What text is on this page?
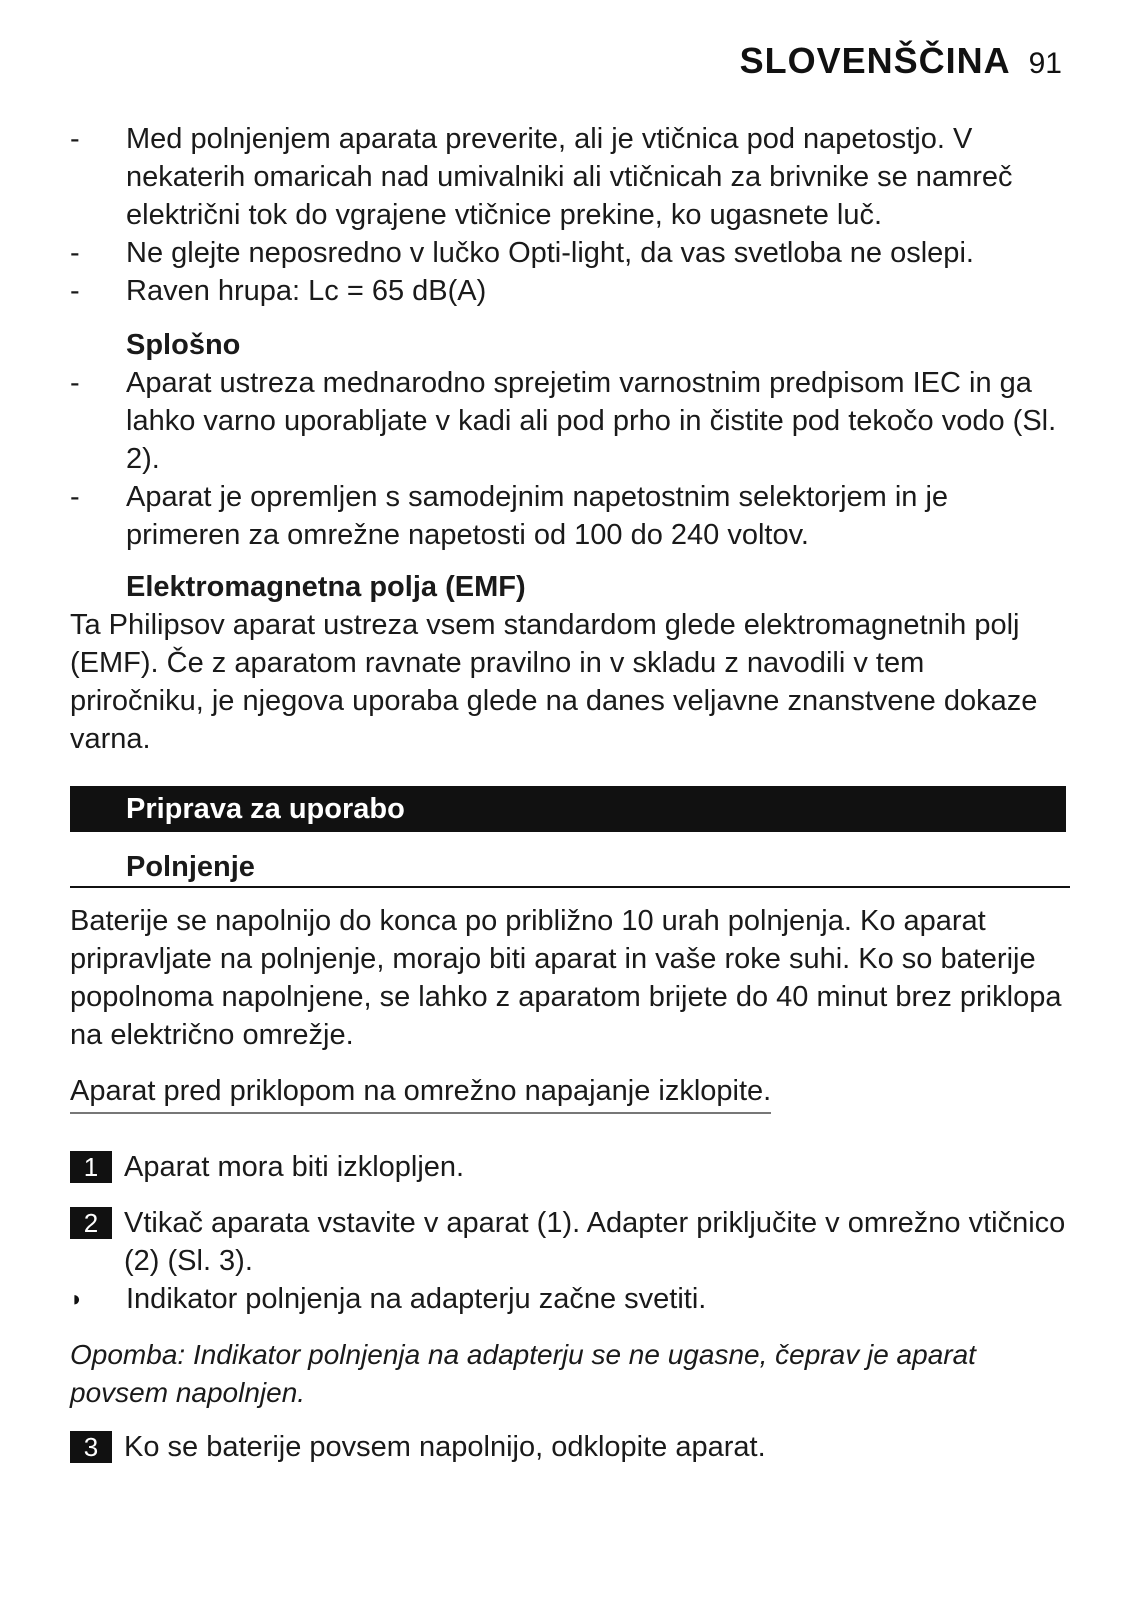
SLOVENŠČINA 91
-	Med polnjenjem aparata preverite, ali je vtičnica pod napetostjo. V nekaterih omaricah nad umivalniki ali vtičnicah za brivnike se namreč električni tok do vgrajene vtičnice prekine, ko ugasnete luč.
-	Ne glejte neposredno v lučko Opti-light, da vas svetloba ne oslepi.
-	Raven hrupa: Lc = 65 dB(A)
Splošno
-	Aparat ustreza mednarodno sprejetim varnostnim predpisom IEC in ga lahko varno uporabljate v kadi ali pod prho in čistite pod tekočo vodo (Sl. 2).
-	Aparat je opremljen s samodejnim napetostnim selektorjem in je primeren za omrežne napetosti od 100 do 240 voltov.
Elektromagnetna polja (EMF)
Ta Philipsov aparat ustreza vsem standardom glede elektromagnetnih polj (EMF). Če z aparatom ravnate pravilno in v skladu z navodili v tem priročniku, je njegova uporaba glede na danes veljavne znanstvene dokaze varna.
Priprava za uporabo
Polnjenje
Baterije se napolnijo do konca po približno 10 urah polnjenja. Ko aparat pripravljate na polnjenje, morajo biti aparat in vaše roke suhi. Ko so baterije popolnoma napolnjene, se lahko z aparatom brijete do 40 minut brez priklopa na električno omrežje.
Aparat pred priklopom na omrežno napajanje izklopite.
1 Aparat mora biti izklopljen.
2 Vtikač aparata vstavite v aparat (1). Adapter priključite v omrežno vtičnico (2) (Sl. 3).
◗	Indikator polnjenja na adapterju začne svetiti.
Opomba: Indikator polnjenja na adapterju se ne ugasne, čeprav je aparat povsem napolnjen.
3 Ko se baterije povsem napolnijo, odklopite aparat.
